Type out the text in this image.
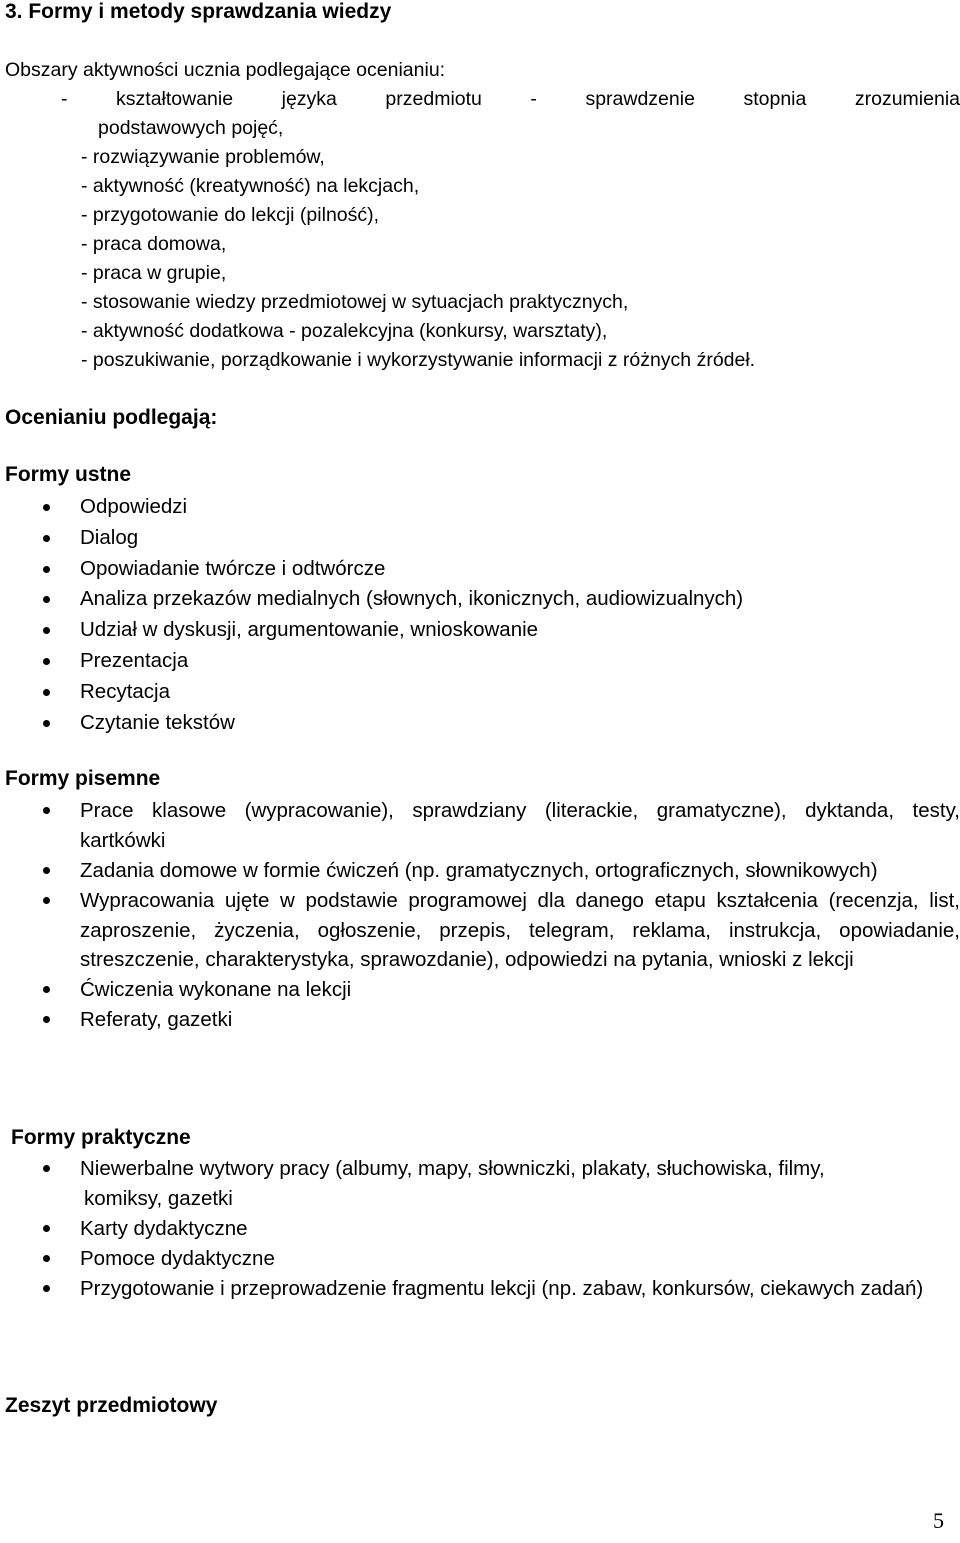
3. Formy i metody sprawdzania wiedzy
Obszary aktywności ucznia podlegające ocenianiu:
- kształtowanie języka przedmiotu - sprawdzenie stopnia zrozumienia
podstawowych pojęć,
- rozwiązywanie problemów,
- aktywność (kreatywność) na lekcjach,
- przygotowanie do lekcji (pilność),
- praca domowa,
- praca w grupie,
- stosowanie wiedzy przedmiotowej w sytuacjach praktycznych,
- aktywność dodatkowa - pozalekcyjna (konkursy, warsztaty),
- poszukiwanie, porządkowanie i wykorzystywanie informacji z różnych źródeł.
Ocenianiu podlegają:
Formy ustne
Odpowiedzi
Dialog
Opowiadanie twórcze i odtwórcze
Analiza przekazów medialnych (słownych, ikonicznych, audiowizualnych)
Udział w dyskusji, argumentowanie, wnioskowanie
Prezentacja
Recytacja
Czytanie tekstów
Formy pisemne
Prace klasowe (wypracowanie), sprawdziany (literackie, gramatyczne), dyktanda, testy, kartkówki
Zadania domowe w formie ćwiczeń (np. gramatycznych, ortograficznych, słownikowych)
Wypracowania ujęte w podstawie programowej dla danego etapu kształcenia (recenzja, list, zaproszenie, życzenia, ogłoszenie, przepis, telegram, reklama, instrukcja, opowiadanie, streszczenie, charakterystyka, sprawozdanie), odpowiedzi na pytania, wnioski z lekcji
Ćwiczenia wykonane na lekcji
Referaty, gazetki
Formy praktyczne
Niewerbalne wytwory pracy (albumy, mapy, słowniczki, plakaty, słuchowiska, filmy,
komiksy, gazetki
Karty dydaktyczne
Pomoce dydaktyczne
Przygotowanie i przeprowadzenie fragmentu lekcji (np. zabaw, konkursów, ciekawych zadań)
Zeszyt przedmiotowy
5
